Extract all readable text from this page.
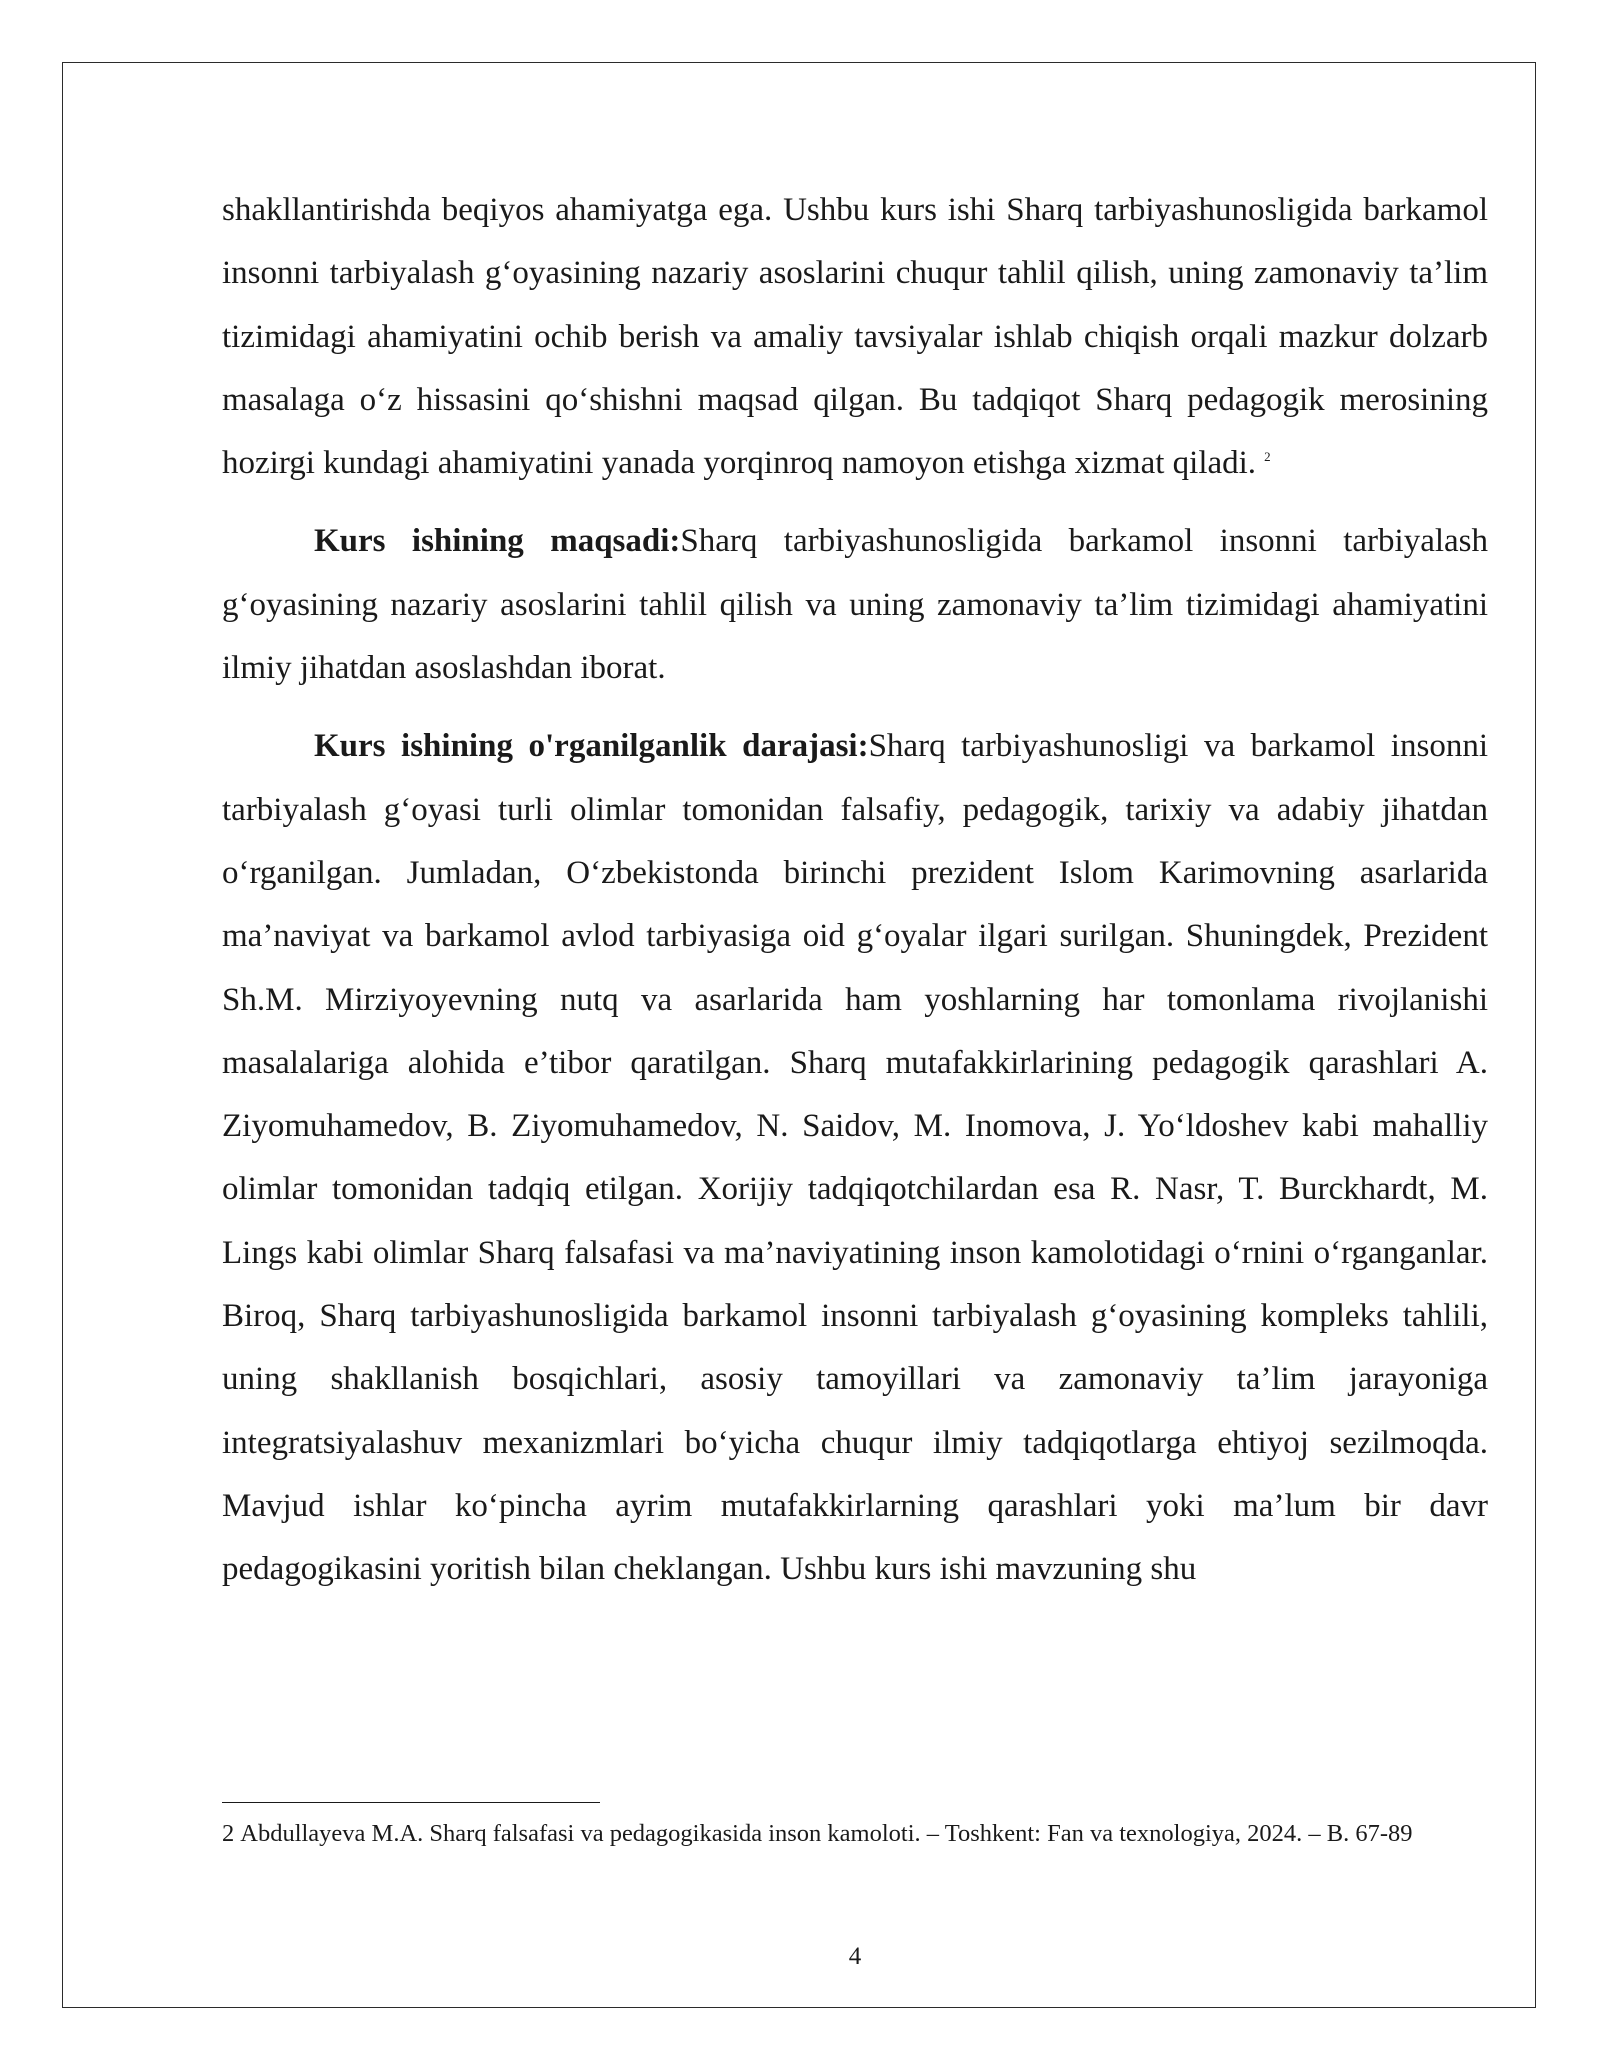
shakllantirishda beqiyos ahamiyatga ega. Ushbu kurs ishi Sharq tarbiyashunosligida barkamol insonni tarbiyalash g‘oyasining nazariy asoslarini chuqur tahlil qilish, uning zamonaviy ta’lim tizimidagi ahamiyatini ochib berish va amaliy tavsiyalar ishlab chiqish orqali mazkur dolzarb masalaga o‘z hissasini qo‘shishni maqsad qilgan. Bu tadqiqot Sharq pedagogik merosining hozirgi kundagi ahamiyatini yanada yorqinroq namoyon etishga xizmat qiladi. $^2$

Kurs ishining maqsadi:Sharq tarbiyashunosligida barkamol insonni tarbiyalash g‘oyasining nazariy asoslarini tahlil qilish va uning zamonaviy ta’lim tizimidagi ahamiyatini ilmiy jihatdan asoslashdan iborat.

Kurs ishining o'rganilganlik darajasi:Sharq tarbiyashunosligi va barkamol insonni tarbiyalash g‘oyasi turli olimlar tomonidan falsafiy, pedagogik, tarixiy va adabiy jihatdan o‘rganilgan. Jumladan, O‘zbekistonda birinchi prezident Islom Karimovning asarlarida ma’naviyat va barkamol avlod tarbiyasiga oid g‘oyalar ilgari surilgan. Shuningdek, Prezident Sh.M. Mirziyoyevning nutq va asarlarida ham yoshlarning har tomonlama rivojlanishi masalalariga alohida e’tibor qaratilgan. Sharq mutafakkirlarining pedagogik qarashlari A. Ziyomuhamedov, B. Ziyomuhamedov, N. Saidov, M. Inomova, J. Yo‘ldoshev kabi mahalliy olimlar tomonidan tadqiq etilgan. Xorijiy tadqiqotchilardan esa R. Nasr, T. Burckhardt, M. Lings kabi olimlar Sharq falsafasi va ma’naviyatining inson kamolotidagi o‘rnini o‘rganganlar. Biroq, Sharq tarbiyashunosligida barkamol insonni tarbiyalash g‘oyasining kompleks tahlili, uning shakllanish bosqichlari, asosiy tamoyillari va zamonaviy ta’lim jarayoniga integratsiyalashuv mexanizmlari bo‘yicha chuqur ilmiy tadqiqotlarga ehtiyoj sezilmoqda. Mavjud ishlar ko‘pincha ayrim mutafakkirlarning qarashlari yoki ma’lum bir davr pedagogikasini yoritish bilan cheklangan. Ushbu kurs ishi mavzuning shu

2 Abdullayeva M.A. Sharq falsafasi va pedagogikasida inson kamoloti. – Toshkent: Fan va texnologiya, 2024. – B. 67-89

4
